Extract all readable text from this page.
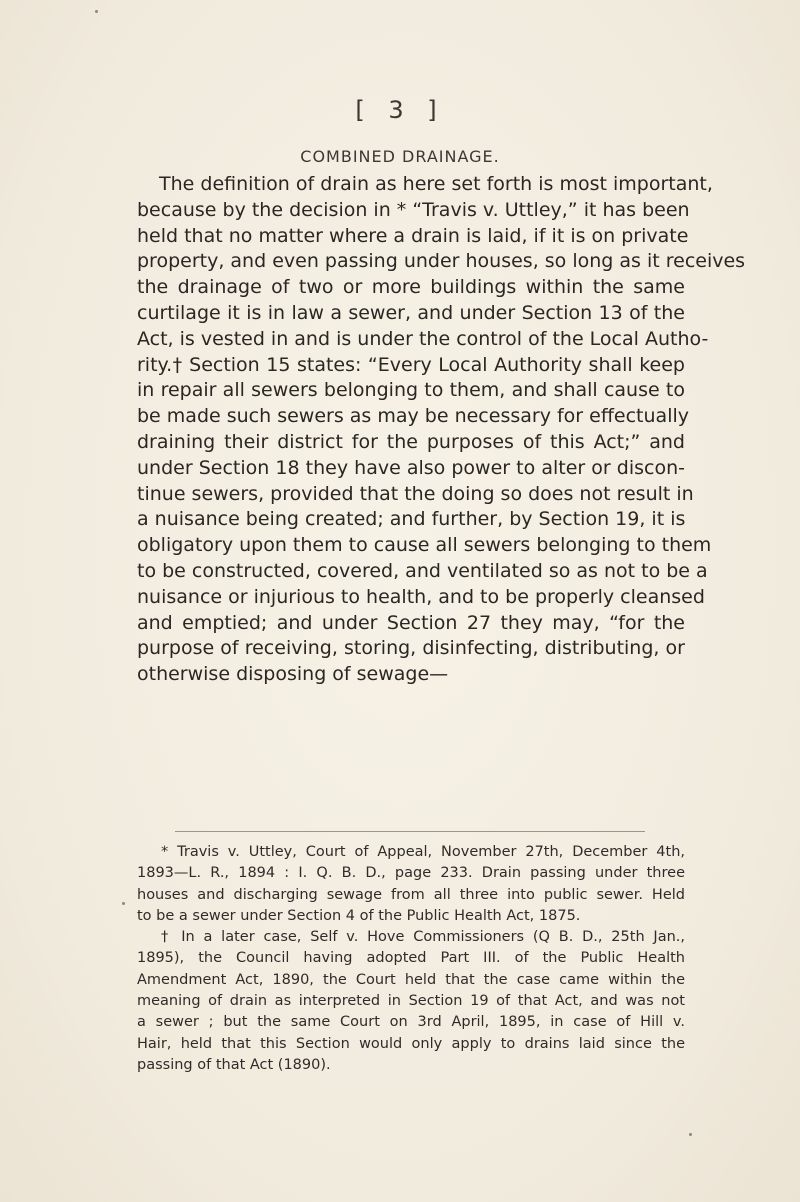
[ 3 ]
COMBINED DRAINAGE.
The definition of drain as here set forth is most important,
because by the decision in * “Travis v. Uttley,” it has been
held that no matter where a drain is laid, if it is on private
property, and even passing under houses, so long as it receives
the drainage of two or more buildings within the same
curtilage it is in law a sewer, and under Section 13 of the
Act, is vested in and is under the control of the Local Autho-
rity.† Section 15 states: “Every Local Authority shall keep
in repair all sewers belonging to them, and shall cause to
be made such sewers as may be necessary for effectually
draining their district for the purposes of this Act;” and
under Section 18 they have also power to alter or discon-
tinue sewers, provided that the doing so does not result in
a nuisance being created; and further, by Section 19, it is
obligatory upon them to cause all sewers belonging to them
to be constructed, covered, and ventilated so as not to be a
nuisance or injurious to health, and to be properly cleansed
and emptied; and under Section 27 they may, “for the
purpose of receiving, storing, disinfecting, distributing, or
otherwise disposing of sewage—
* Travis v. Uttley, Court of Appeal, November 27th, December 4th,
1893—L. R., 1894 : I. Q. B. D., page 233. Drain passing under three
houses and discharging sewage from all three into public sewer. Held
to be a sewer under Section 4 of the Public Health Act, 1875.
† In a later case, Self v. Hove Commissioners (Q B. D., 25th Jan.,
1895), the Council having adopted Part III. of the Public Health
Amendment Act, 1890, the Court held that the case came within the
meaning of drain as interpreted in Section 19 of that Act, and was not
a sewer ; but the same Court on 3rd April, 1895, in case of Hill v.
Hair, held that this Section would only apply to drains laid since the
passing of that Act (1890).
